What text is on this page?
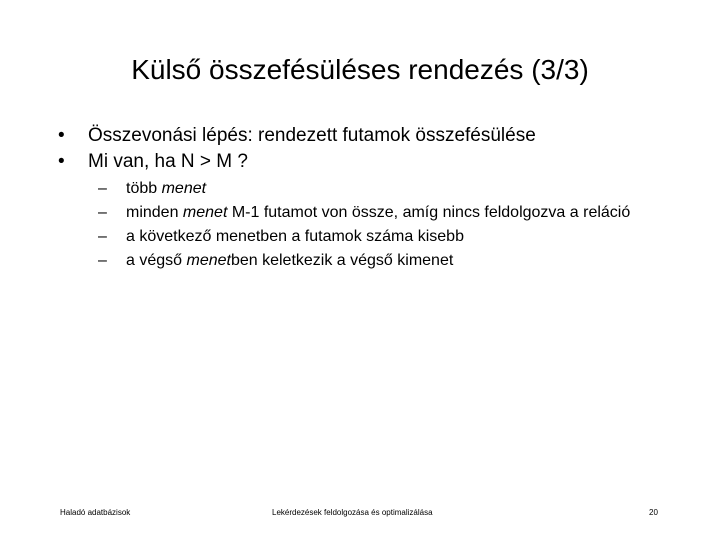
Külső összefésüléses rendezés (3/3)
• Összevonási lépés: rendezett futamok összefésülése
• Mi van, ha N > M ?
– több menet
– minden menet M-1 futamot von össze, amíg nincs feldolgozva a reláció
– a következő menetben a futamok száma kisebb
– a végső menetben keletkezik a végső kimenet
Haladó adatbázisok	Lekérdezések feldolgozása és optimalizálása	20
